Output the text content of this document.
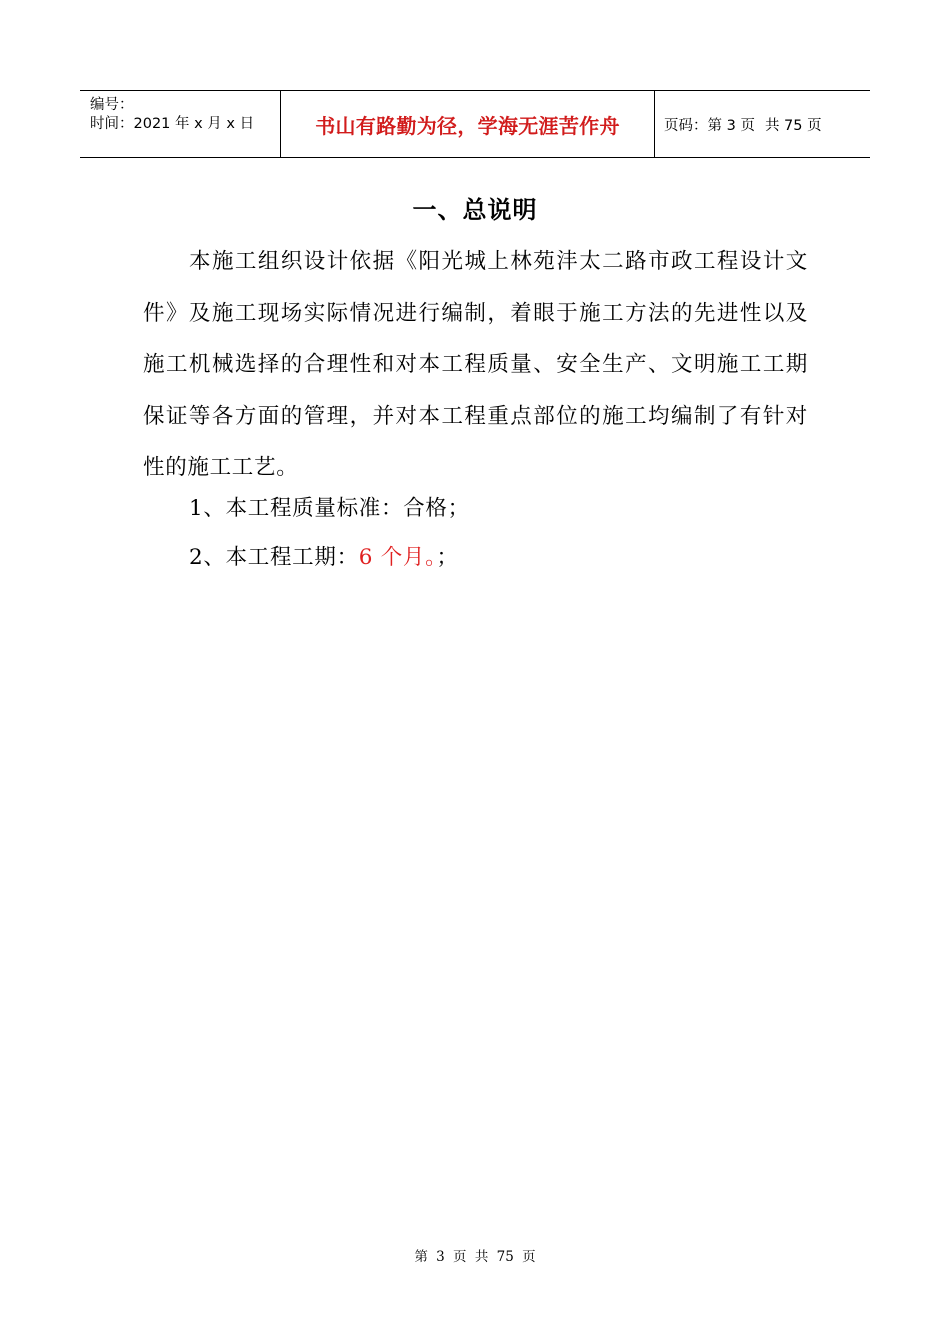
编号：
时间：2021 年 x 月 x 日	书山有路勤为径，学海无涯苦作舟	页码：第 3 页 共 75 页
一、总说明
本施工组织设计依据《阳光城上林苑沣太二路市政工程设计文件》及施工现场实际情况进行编制，着眼于施工方法的先进性以及施工机械选择的合理性和对本工程质量、安全生产、文明施工工期保证等各方面的管理，并对本工程重点部位的施工均编制了有针对性的施工工艺。
1、本工程质量标准：合格；
2、本工程工期：6 个月。；
第 3 页 共 75 页
